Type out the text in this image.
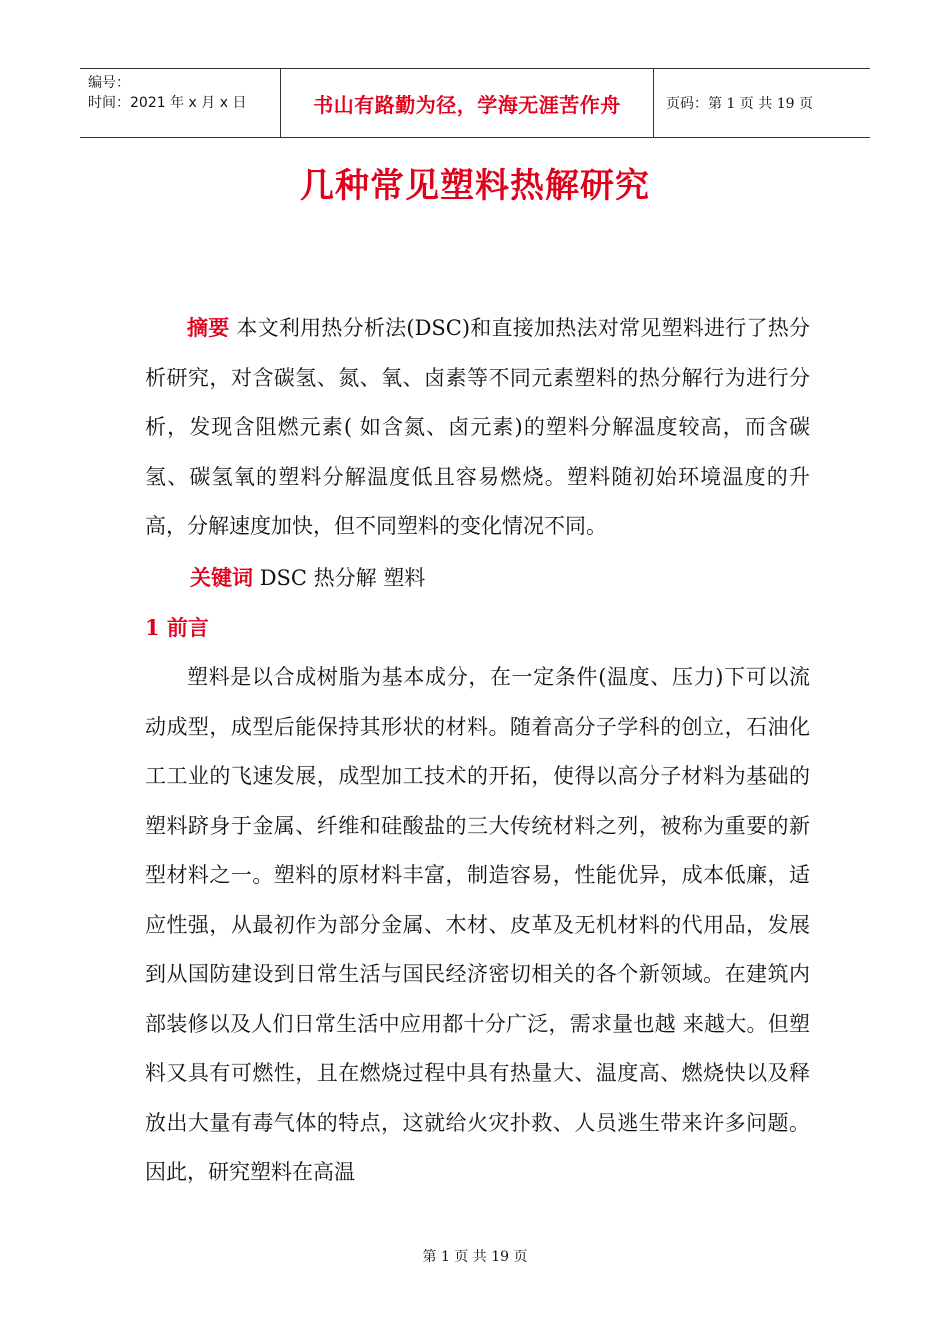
编号：
时间：2021 年 x 月 x 日	书山有路勤为径，学海无涯苦作舟	页码：第 1 页 共 19 页
几种常见塑料热解研究

摘要 本文利用热分析法(DSC)和直接加热法对常见塑料进行了热分析研究，对含碳氢、氮、氧、卤素等不同元素塑料的热分解行为进行分析，发现含阻燃元素( 如含氮、卤元素)的塑料分解温度较高，而含碳氢、碳氢氧的塑料分解温度低且容易燃烧。塑料随初始环境温度的升高，分解速度加快，但不同塑料的变化情况不同。

关键词 DSC 热分解 塑料
1 前言

塑料是以合成树脂为基本成分，在一定条件(温度、压力)下可以流动成型，成型后能保持其形状的材料。随着高分子学科的创立，石油化工工业的飞速发展，成型加工技术的开拓，使得以高分子材料为基础的塑料跻身于金属、纤维和硅酸盐的三大传统材料之列，被称为重要的新型材料之一。塑料的原材料丰富，制造容易，性能优异，成本低廉，适应性强，从最初作为部分金属、木材、皮革及无机材料的代用品，发展到从国防建设到日常生活与国民经济密切相关的各个新领域。在建筑内部装修以及人们日常生活中应用都十分广泛，需求量也越 来越大。但塑料又具有可燃性，且在燃烧过程中具有热量大、温度高、燃烧快以及释放出大量有毒气体的特点，这就给火灾扑救、人员逃生带来许多问题。因此，研究塑料在高温

第 1 页 共 19 页
